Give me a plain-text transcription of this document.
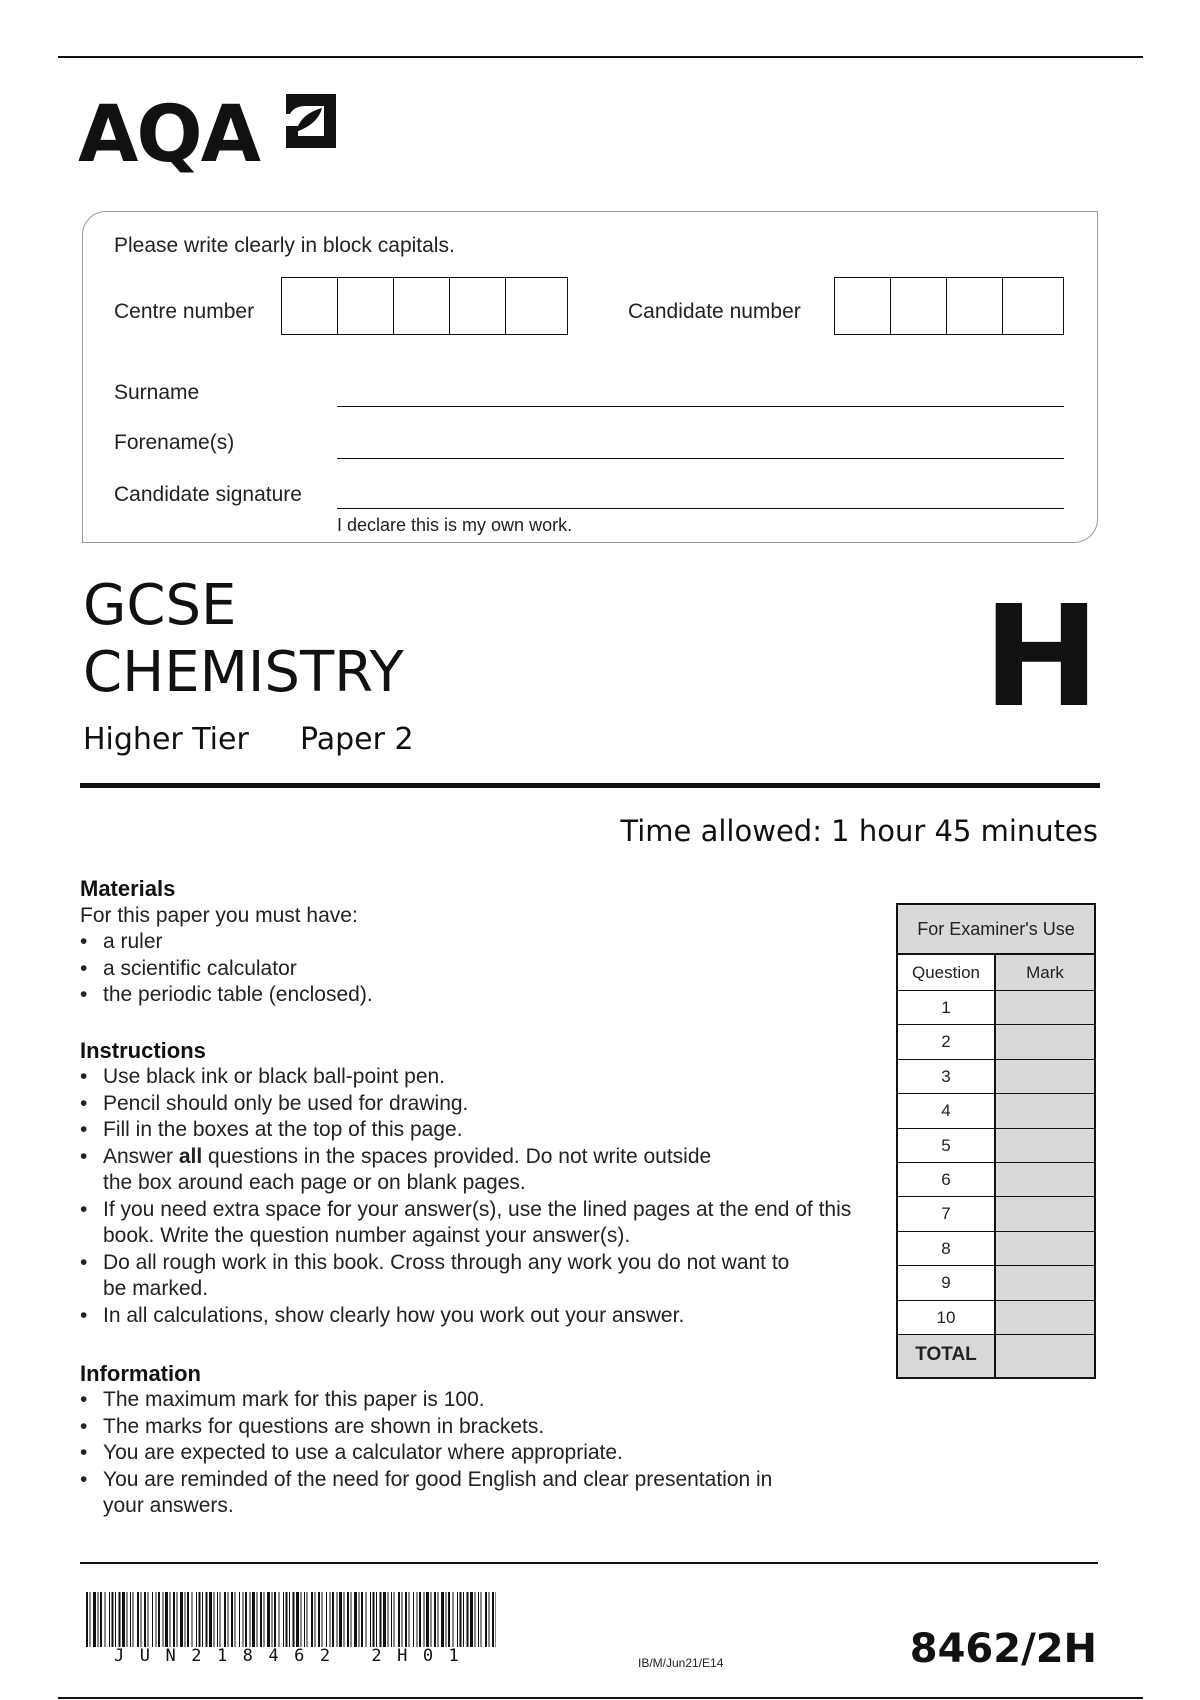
AQA
Please write clearly in block capitals.
Centre number	Candidate number
Surname
Forename(s)
Candidate signature
I declare this is my own work.
GCSE
CHEMISTRY
Higher Tier Paper 2
H
Time allowed: 1 hour 45 minutes
Materials
For this paper you must have:
• a ruler
• a scientific calculator
• the periodic table (enclosed).
Instructions
• Use black ink or black ball-point pen.
• Pencil should only be used for drawing.
• Fill in the boxes at the top of this page.
• Answer all questions in the spaces provided. Do not write outside the box around each page or on blank pages.
• If you need extra space for your answer(s), use the lined pages at the end of this book. Write the question number against your answer(s).
• Do all rough work in this book. Cross through any work you do not want to be marked.
• In all calculations, show clearly how you work out your answer.
Information
• The maximum mark for this paper is 100.
• The marks for questions are shown in brackets.
• You are expected to use a calculator where appropriate.
• You are reminded of the need for good English and clear presentation in your answers.
For Examiner's Use
Question	Mark
1
2
3
4
5
6
7
8
9
10
TOTAL
JUN218462 2H01	IB/M/Jun21/E14	8462/2H
